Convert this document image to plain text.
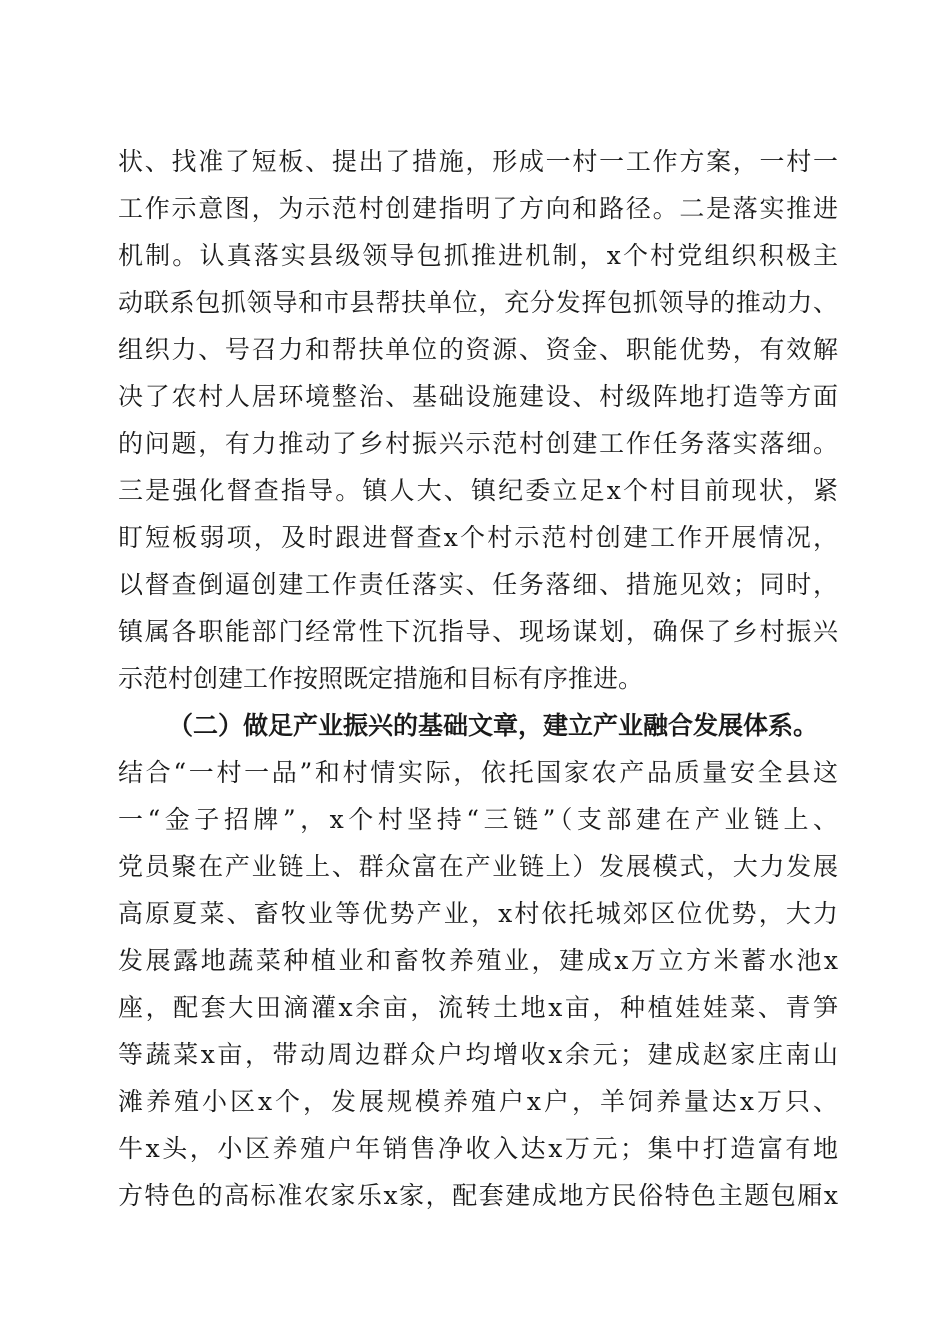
状、找准了短板、提出了措施，形成一村一工作方案，一村一
工作示意图，为示范村创建指明了方向和路径。二是落实推进
机制。认真落实县级领导包抓推进机制，x个村党组织积极主
动联系包抓领导和市县帮扶单位，充分发挥包抓领导的推动力、
组织力、号召力和帮扶单位的资源、资金、职能优势，有效解
决了农村人居环境整治、基础设施建设、村级阵地打造等方面
的问题，有力推动了乡村振兴示范村创建工作任务落实落细。
三是强化督查指导。镇人大、镇纪委立足x个村目前现状，紧
盯短板弱项，及时跟进督查x个村示范村创建工作开展情况，
以督查倒逼创建工作责任落实、任务落细、措施见效；同时，
镇属各职能部门经常性下沉指导、现场谋划，确保了乡村振兴
示范村创建工作按照既定措施和目标有序推进。
（二）做足产业振兴的基础文章，建立产业融合发展体系。
结合“一村一品”和村情实际，依托国家农产品质量安全县这
一“金子招牌”，x个村坚持“三链”（支部建在产业链上、
党员聚在产业链上、群众富在产业链上）发展模式，大力发展
高原夏菜、畜牧业等优势产业，x村依托城郊区位优势，大力
发展露地蔬菜种植业和畜牧养殖业，建成x万立方米蓄水池x
座，配套大田滴灌x余亩，流转土地x亩，种植娃娃菜、青笋
等蔬菜x亩，带动周边群众户均增收x余元；建成赵家庄南山
滩养殖小区x个，发展规模养殖户x户，羊饲养量达x万只、
牛x头，小区养殖户年销售净收入达x万元；集中打造富有地
方特色的高标准农家乐x家，配套建成地方民俗特色主题包厢x
